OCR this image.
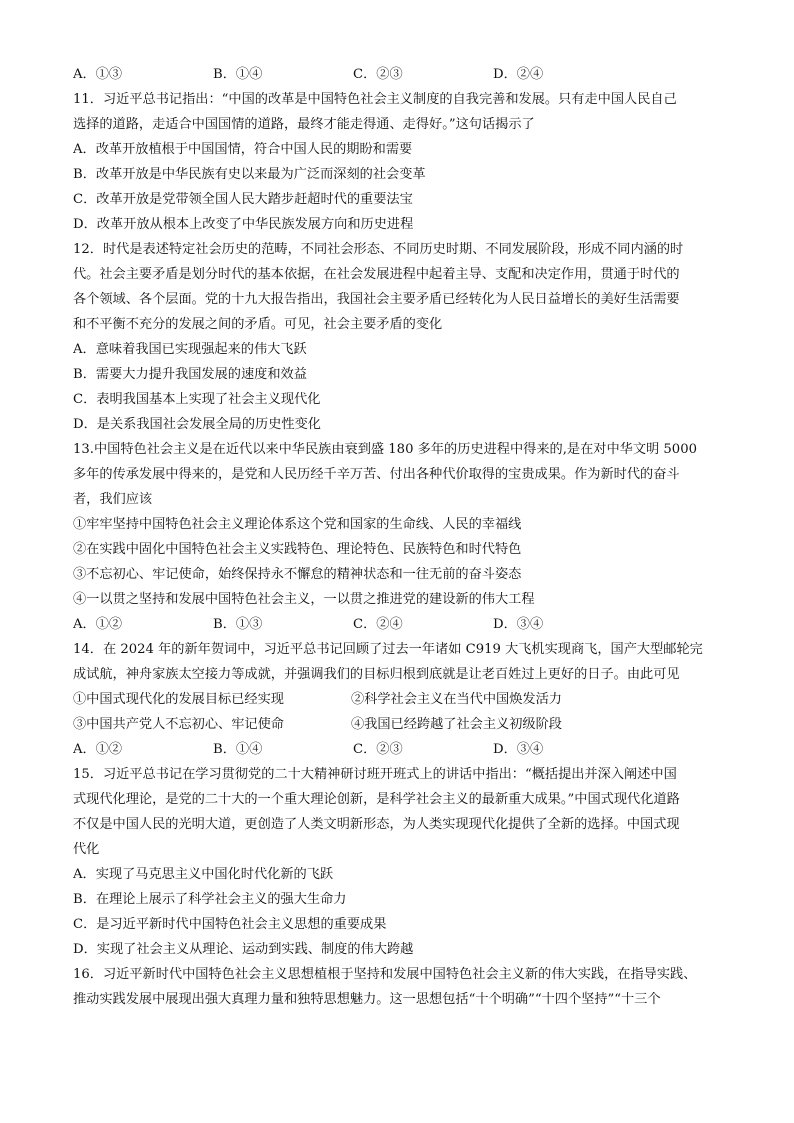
A．①③	B．①④	C．②③	D．②④
11．习近平总书记指出：“中国的改革是中国特色社会主义制度的自我完善和发展。只有走中国人民自己
选择的道路，走适合中国国情的道路，最终才能走得通、走得好。”这句话揭示了
A．改革开放植根于中国国情，符合中国人民的期盼和需要
B．改革开放是中华民族有史以来最为广泛而深刻的社会变革
C．改革开放是党带领全国人民大踏步赶超时代的重要法宝
D．改革开放从根本上改变了中华民族发展方向和历史进程
12．时代是表述特定社会历史的范畴，不同社会形态、不同历史时期、不同发展阶段，形成不同内涵的时
代。社会主要矛盾是划分时代的基本依据，在社会发展进程中起着主导、支配和决定作用，贯通于时代的
各个领域、各个层面。党的十九大报告指出，我国社会主要矛盾已经转化为人民日益增长的美好生活需要
和不平衡不充分的发展之间的矛盾。可见，社会主要矛盾的变化
A．意味着我国已实现强起来的伟大飞跃
B．需要大力提升我国发展的速度和效益
C．表明我国基本上实现了社会主义现代化
D．是关系我国社会发展全局的历史性变化
13.中国特色社会主义是在近代以来中华民族由衰到盛 180 多年的历史进程中得来的,是在对中华文明 5000
多年的传承发展中得来的，是党和人民历经千辛万苦、付出各种代价取得的宝贵成果。作为新时代的奋斗
者，我们应该
①牢牢坚持中国特色社会主义理论体系这个党和国家的生命线、人民的幸福线
②在实践中固化中国特色社会主义实践特色、理论特色、民族特色和时代特色
③不忘初心、牢记使命，始终保持永不懈怠的精神状态和一往无前的奋斗姿态
④一以贯之坚持和发展中国特色社会主义，一以贯之推进党的建设新的伟大工程
A．①②	B．①③	C．②④	D．③④
14．在 2024 年的新年贺词中，习近平总书记回顾了过去一年诸如 C919 大飞机实现商飞，国产大型邮轮完
成试航，神舟家族太空接力等成就，并强调我们的目标归根到底就是让老百姓过上更好的日子。由此可见
①中国式现代化的发展目标已经实现	②科学社会主义在当代中国焕发活力
③中国共产党人不忘初心、牢记使命	④我国已经跨越了社会主义初级阶段
A．①②	B．①④	C．②③	D．③④
15．习近平总书记在学习贯彻党的二十大精神研讨班开班式上的讲话中指出：“概括提出并深入阐述中国
式现代化理论，是党的二十大的一个重大理论创新，是科学社会主义的最新重大成果。”中国式现代化道路
不仅是中国人民的光明大道，更创造了人类文明新形态，为人类实现现代化提供了全新的选择。中国式现
代化
A．实现了马克思主义中国化时代化新的飞跃
B．在理论上展示了科学社会主义的强大生命力
C．是习近平新时代中国特色社会主义思想的重要成果
D．实现了社会主义从理论、运动到实践、制度的伟大跨越
16．习近平新时代中国特色社会主义思想植根于坚持和发展中国特色社会主义新的伟大实践，在指导实践、
推动实践发展中展现出强大真理力量和独特思想魅力。这一思想包括“十个明确”“十四个坚持”“十三个
